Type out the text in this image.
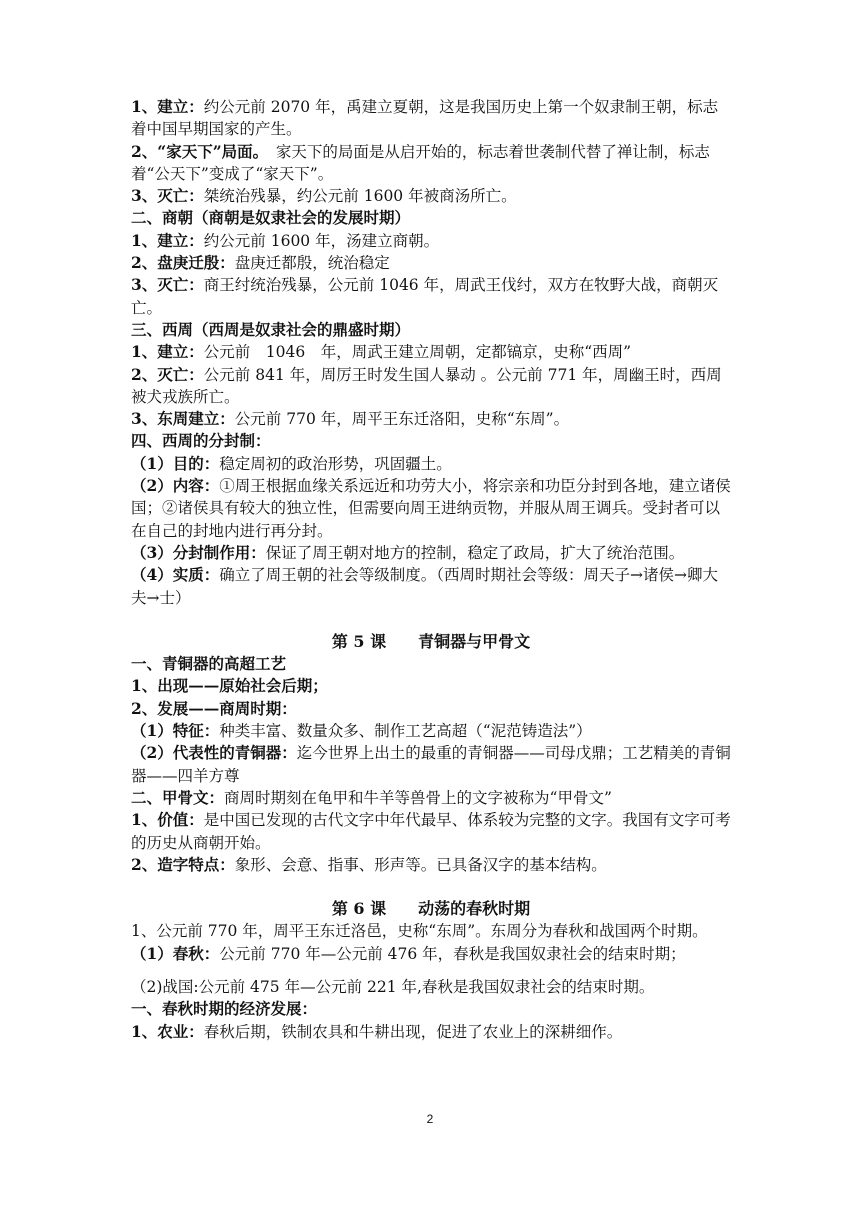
1、建立：约公元前 2070 年，禹建立夏朝，这是我国历史上第一个奴隶制王朝，标志着中国早期国家的产生。

2、“家天下”局面。　家天下的局面是从启开始的，标志着世袭制代替了禅让制，标志着“公天下”变成了“家天下”。

3、灭亡：桀统治残暴，约公元前 1600 年被商汤所亡。

二、商朝（商朝是奴隶社会的发展时期）

1、建立：约公元前 1600 年，汤建立商朝。

2、盘庚迁殷：盘庚迁都殷，统治稳定

3、灭亡：商王纣统治残暴，公元前 1046 年，周武王伐纣，双方在牧野大战，商朝灭亡。

三、西周（西周是奴隶社会的鼎盛时期）

1、建立：公元前　1046　年，周武王建立周朝，定都镐京，史称“西周”

2、灭亡：公元前 841 年，周厉王时发生国人暴动 。公元前 771 年，周幽王时，西周被犬戎族所亡。

3、东周建立：公元前 770 年，周平王东迁洛阳，史称“东周”。

四、西周的分封制：

（1）目的：稳定周初的政治形势，巩固疆土。

（2）内容：①周王根据血缘关系远近和功劳大小，将宗亲和功臣分封到各地，建立诸侯国；②诸侯具有较大的独立性，但需要向周王进纳贡物，并服从周王调兵。受封者可以在自己的封地内进行再分封。

（3）分封制作用：保证了周王朝对地方的控制，稳定了政局，扩大了统治范围。

（4）实质：确立了周王朝的社会等级制度。（西周时期社会等级：周天子→诸侯→卿大夫→士）

第 5 课　　青铜器与甲骨文

一、青铜器的高超工艺

1、出现——原始社会后期；

2、发展——商周时期：

（1）特征：种类丰富、数量众多、制作工艺高超（“泥范铸造法”）

（2）代表性的青铜器：迄今世界上出土的最重的青铜器——司母戊鼎；工艺精美的青铜器——四羊方尊

二、甲骨文：商周时期刻在龟甲和牛羊等兽骨上的文字被称为“甲骨文”

1、价值：是中国已发现的古代文字中年代最早、体系较为完整的文字。我国有文字可考的历史从商朝开始。

2、造字特点：象形、会意、指事、形声等。已具备汉字的基本结构。

第 6 课　　动荡的春秋时期

1、公元前 770 年，周平王东迁洛邑，史称“东周”。东周分为春秋和战国两个时期。

（1）春秋：公元前 770 年—公元前 476 年，春秋是我国奴隶社会的结束时期；

（2)战国:公元前 475 年—公元前 221 年,春秋是我国奴隶社会的结束时期。

一、春秋时期的经济发展：

1、农业：春秋后期，铁制农具和牛耕出现，促进了农业上的深耕细作。

2
